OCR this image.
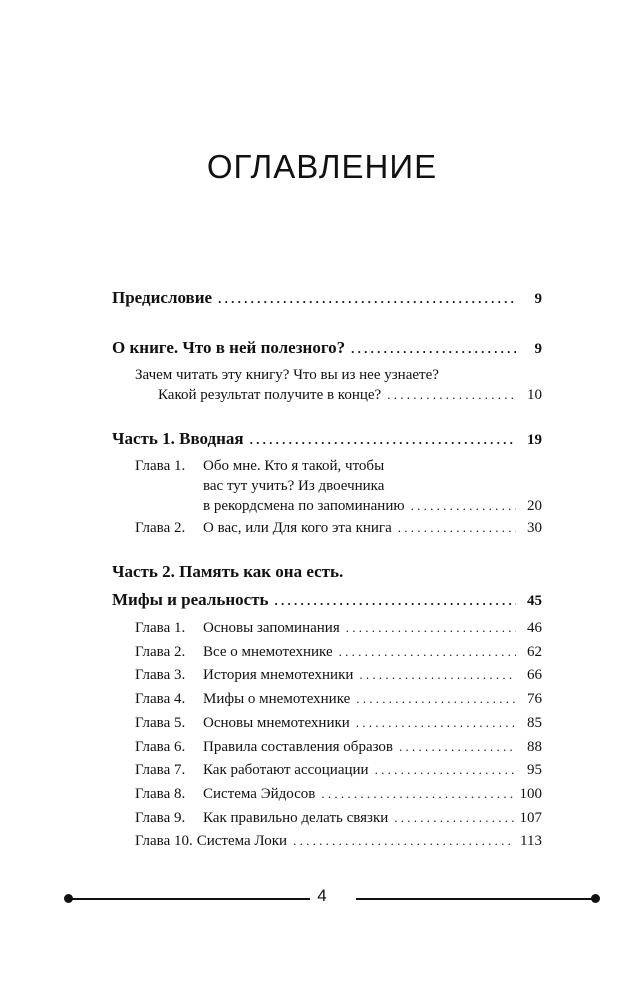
ОГЛАВЛЕНИЕ
Предисловие . . .	9
О книге. Что в ней полезного? . . .	9
Зачем читать эту книгу? Что вы из нее узнаете?
Какой результат получите в конце? . . .	10
Часть 1. Вводная . . .	19
Глава 1. Обо мне. Кто я такой, чтобы
вас тут учить? Из двоечника
в рекордсмена по запоминанию . . .	20
Глава 2.	О вас, или Для кого эта книга . . .	30
Часть 2. Память как она есть.
Мифы и реальность . . .	45
Глава 1.	Основы запоминания . . .	46
Глава 2.	Все о мнемотехнике . . .	62
Глава 3.	История мнемотехники . . .	66
Глава 4.	Мифы о мнемотехнике . . .	76
Глава 5.	Основы мнемотехники . . .	85
Глава 6.	Правила составления образов . . .	88
Глава 7.	Как работают ассоциации . . .	95
Глава 8.	Система Эйдосов . . .	100
Глава 9.	Как правильно делать связки . . .	107
Глава 10. Система Локи . . .	113
4
